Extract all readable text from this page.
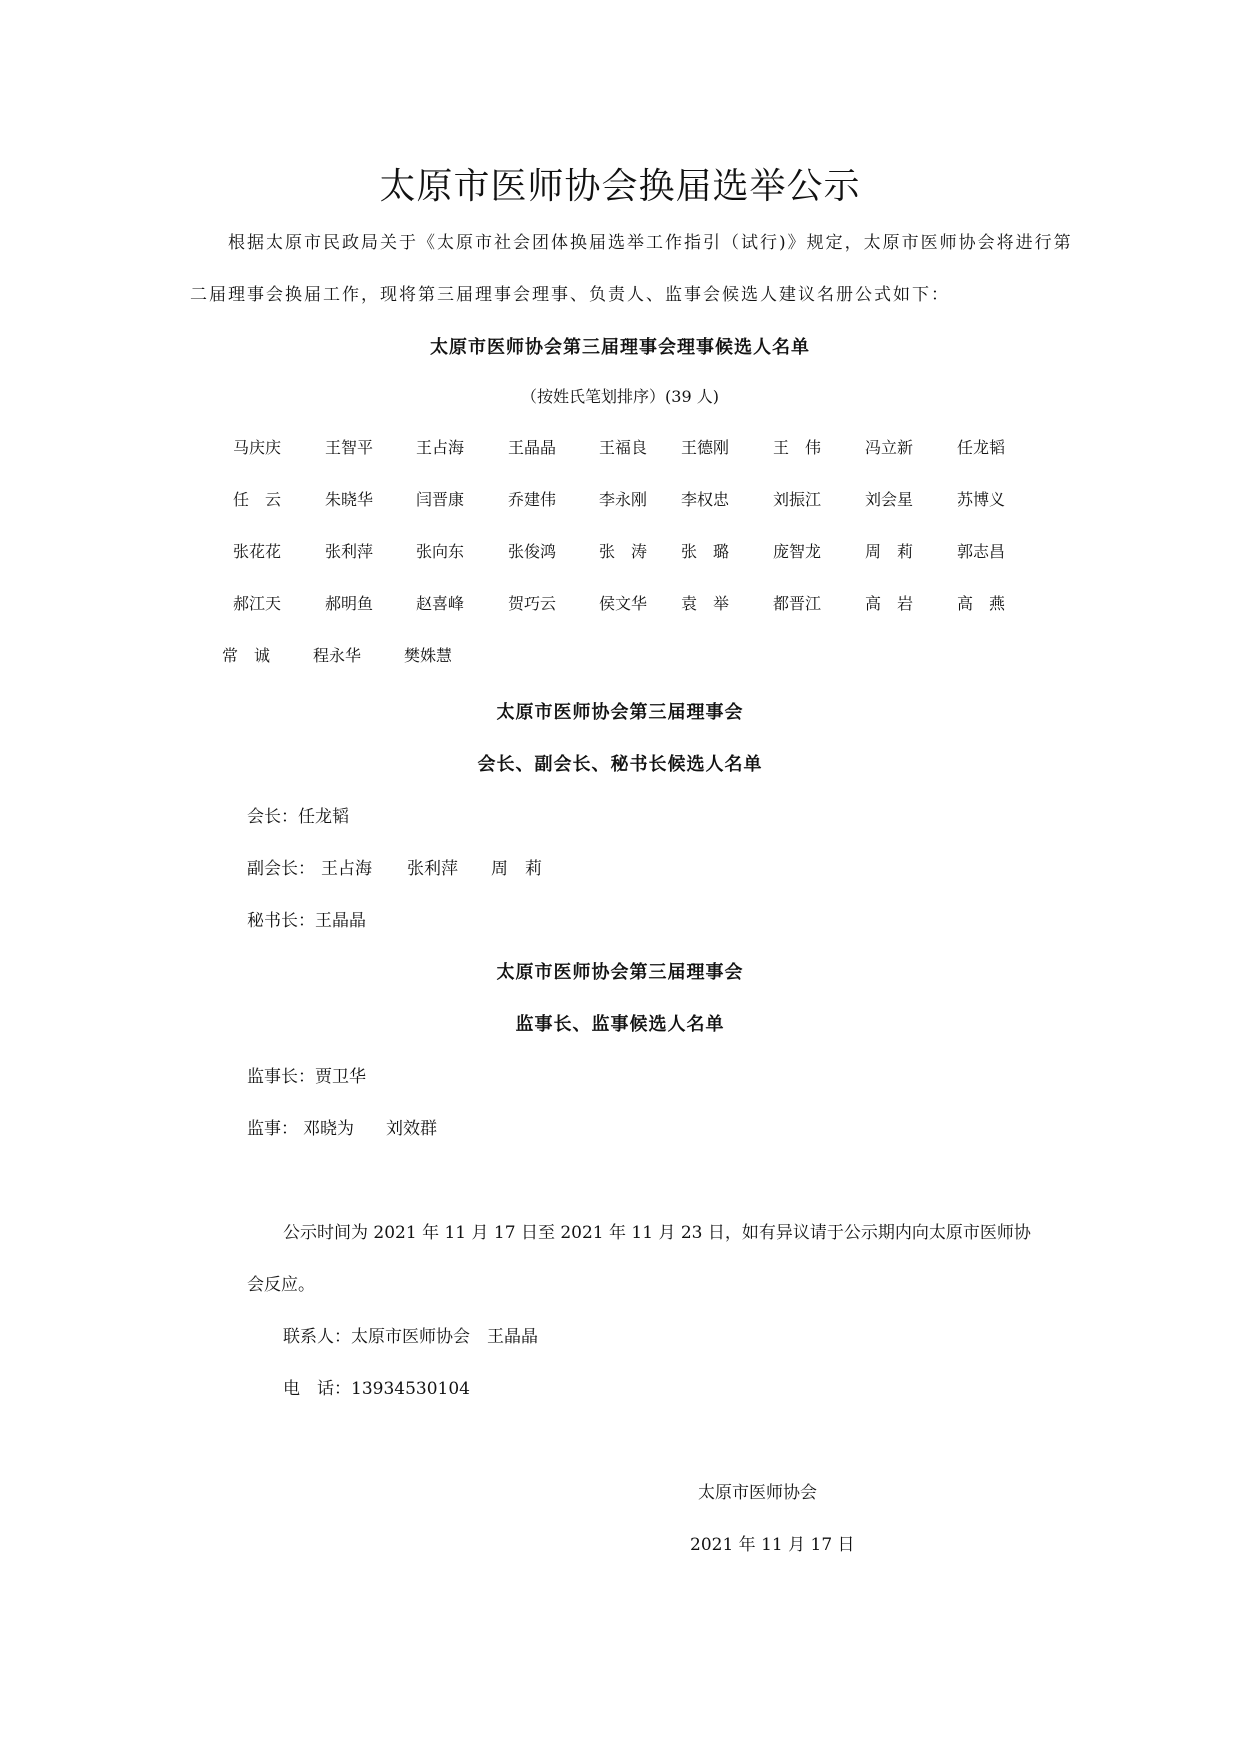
太原市医师协会换届选举公示
根据太原市民政局关于《太原市社会团体换届选举工作指引（试行)》规定，太原市医师协会将进行第
二届理事会换届工作，现将第三届理事会理事、负责人、监事会候选人建议名册公式如下：
太原市医师协会第三届理事会理事候选人名单
（按姓氏笔划排序）(39 人)
马庆庆	王智平	王占海	王晶晶	王福良 王德刚	王　伟	冯立新	任龙韬
任　云	朱晓华	闫晋康	乔建伟	李永刚 李权忠	刘振江	刘会星	苏博义
张花花	张利萍	张向东	张俊鸿	张　涛 张　璐	庞智龙	周　莉	郭志昌
郝江天	郝明鱼	赵喜峰	贺巧云	侯文华 袁　举	都晋江	高　岩	高　燕
常　诚	程永华	樊姝慧
太原市医师协会第三届理事会
会长、副会长、秘书长候选人名单
会长：任龙韬
副会长： 王占海 张利萍 周　莉
秘书长：王晶晶
太原市医师协会第三届理事会
监事长、监事候选人名单
监事长：贾卫华
监事： 邓晓为 刘效群
公示时间为 2021 年 11 月 17 日至 2021 年 11 月 23 日，如有异议请于公示期内向太原市医师协
会反应。
联系人：太原市医师协会　王晶晶
电　话：13934530104
太原市医师协会
2021 年 11 月 17 日
